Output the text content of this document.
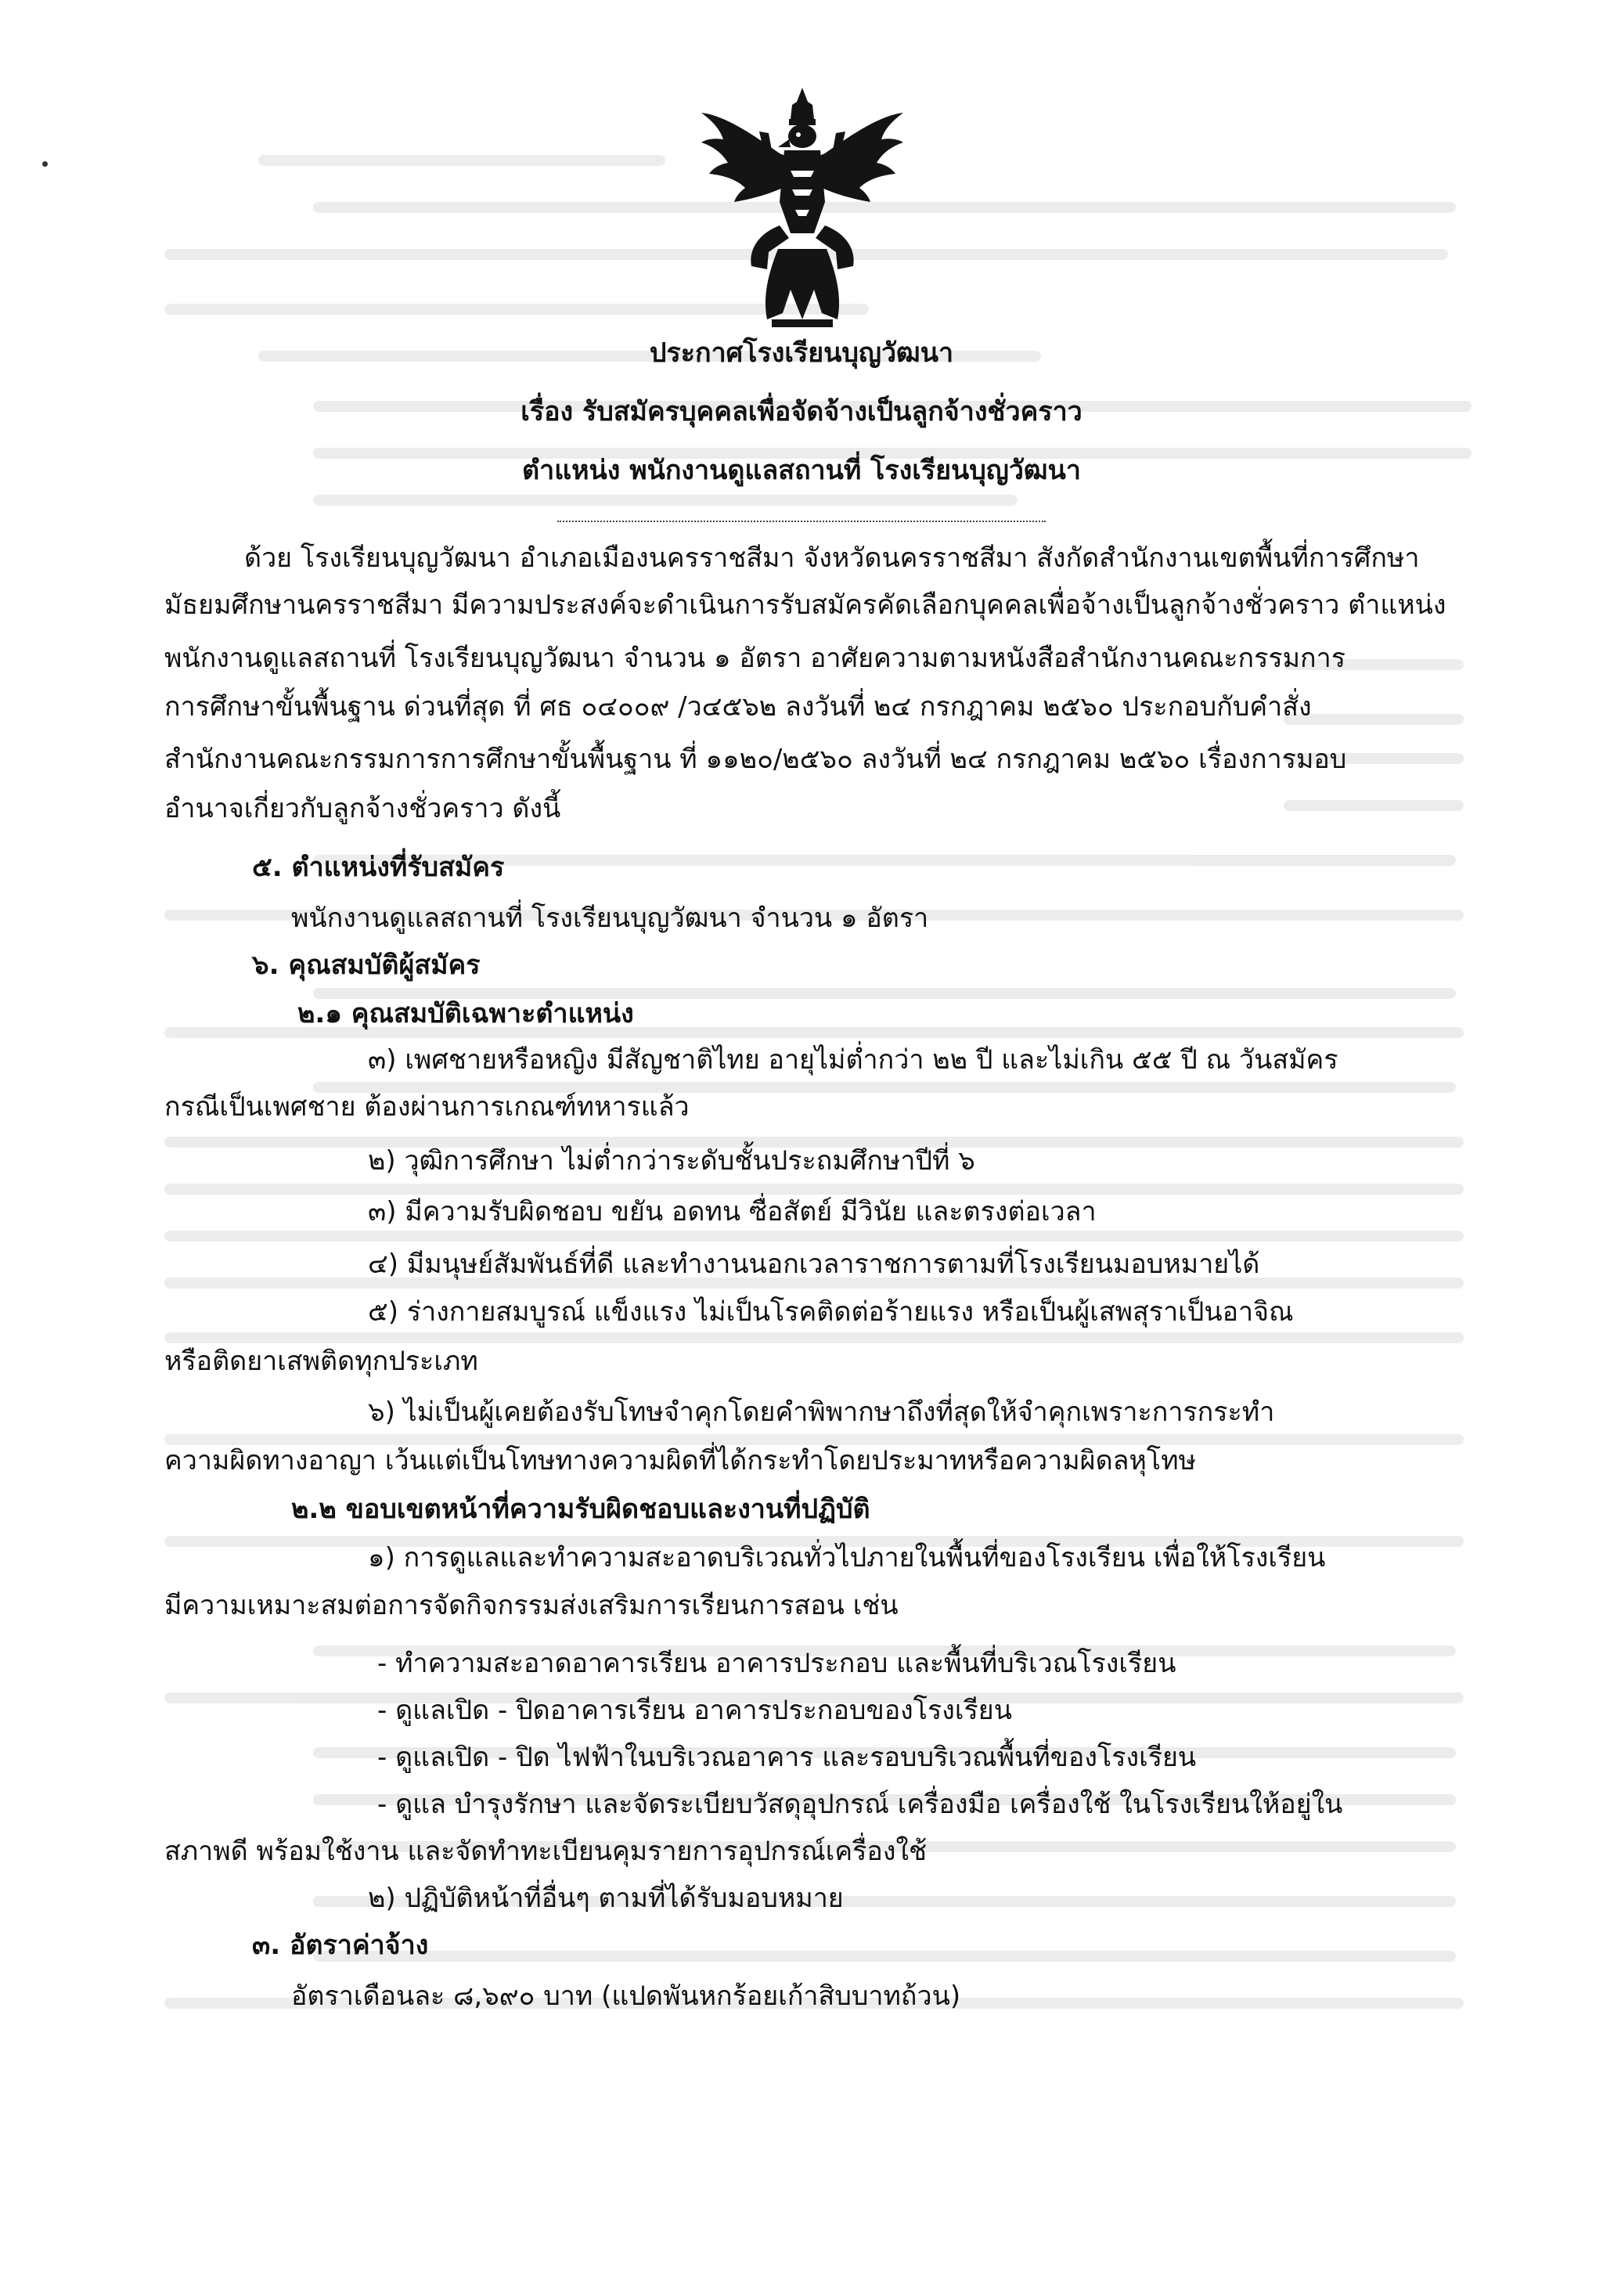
ประกาศโรงเรียนบุญวัฒนา
เรื่อง รับสมัครบุคคลเพื่อจัดจ้างเป็นลูกจ้างชั่วคราว
ตำแหน่ง พนักงานดูแลสถานที่ โรงเรียนบุญวัฒนา
ด้วย โรงเรียนบุญวัฒนา อำเภอเมืองนครราชสีมา จังหวัดนครราชสีมา สังกัดสำนักงานเขตพื้นที่การศึกษา
มัธยมศึกษานครราชสีมา มีความประสงค์จะดำเนินการรับสมัครคัดเลือกบุคคลเพื่อจ้างเป็นลูกจ้างชั่วคราว ตำแหน่ง
พนักงานดูแลสถานที่ โรงเรียนบุญวัฒนา จำนวน ๑ อัตรา อาศัยความตามหนังสือสำนักงานคณะกรรมการ
การศึกษาขั้นพื้นฐาน ด่วนที่สุด ที่ ศธ ๐๔๐๐๙ /ว๔๕๖๒ ลงวันที่ ๒๔ กรกฎาคม ๒๕๖๐ ประกอบกับคำสั่ง
สำนักงานคณะกรรมการการศึกษาขั้นพื้นฐาน ที่ ๑๑๒๐/๒๕๖๐ ลงวันที่ ๒๔ กรกฎาคม ๒๕๖๐ เรื่องการมอบ
อำนาจเกี่ยวกับลูกจ้างชั่วคราว ดังนี้
๕. ตำแหน่งที่รับสมัคร
พนักงานดูแลสถานที่ โรงเรียนบุญวัฒนา จำนวน ๑ อัตรา
๖. คุณสมบัติผู้สมัคร
๒.๑ คุณสมบัติเฉพาะตำแหน่ง
๓) เพศชายหรือหญิง มีสัญชาติไทย อายุไม่ต่ำกว่า ๒๒ ปี และไม่เกิน ๕๕ ปี ณ วันสมัคร
กรณีเป็นเพศชาย ต้องผ่านการเกณฑ์ทหารแล้ว
๒) วุฒิการศึกษา ไม่ต่ำกว่าระดับชั้นประถมศึกษาปีที่ ๖
๓) มีความรับผิดชอบ ขยัน อดทน ซื่อสัตย์ มีวินัย และตรงต่อเวลา
๔) มีมนุษย์สัมพันธ์ที่ดี และทำงานนอกเวลาราชการตามที่โรงเรียนมอบหมายได้
๕) ร่างกายสมบูรณ์ แข็งแรง ไม่เป็นโรคติดต่อร้ายแรง หรือเป็นผู้เสพสุราเป็นอาจิณ
หรือติดยาเสพติดทุกประเภท
๖) ไม่เป็นผู้เคยต้องรับโทษจำคุกโดยคำพิพากษาถึงที่สุดให้จำคุกเพราะการกระทำ
ความผิดทางอาญา เว้นแต่เป็นโทษทางความผิดที่ได้กระทำโดยประมาทหรือความผิดลหุโทษ
๒.๒ ขอบเขตหน้าที่ความรับผิดชอบและงานที่ปฏิบัติ
๑) การดูแลและทำความสะอาดบริเวณทั่วไปภายในพื้นที่ของโรงเรียน เพื่อให้โรงเรียน
มีความเหมาะสมต่อการจัดกิจกรรมส่งเสริมการเรียนการสอน เช่น
- ทำความสะอาดอาคารเรียน อาคารประกอบ และพื้นที่บริเวณโรงเรียน
- ดูแลเปิด - ปิดอาคารเรียน อาคารประกอบของโรงเรียน
- ดูแลเปิด - ปิด ไฟฟ้าในบริเวณอาคาร และรอบบริเวณพื้นที่ของโรงเรียน
- ดูแล บำรุงรักษา และจัดระเบียบวัสดุอุปกรณ์ เครื่องมือ เครื่องใช้ ในโรงเรียนให้อยู่ใน
สภาพดี พร้อมใช้งาน และจัดทำทะเบียนคุมรายการอุปกรณ์เครื่องใช้
๒) ปฏิบัติหน้าที่อื่นๆ ตามที่ได้รับมอบหมาย
๓. อัตราค่าจ้าง
อัตราเดือนละ ๘,๖๙๐ บาท (แปดพันหกร้อยเก้าสิบบาทถ้วน)
